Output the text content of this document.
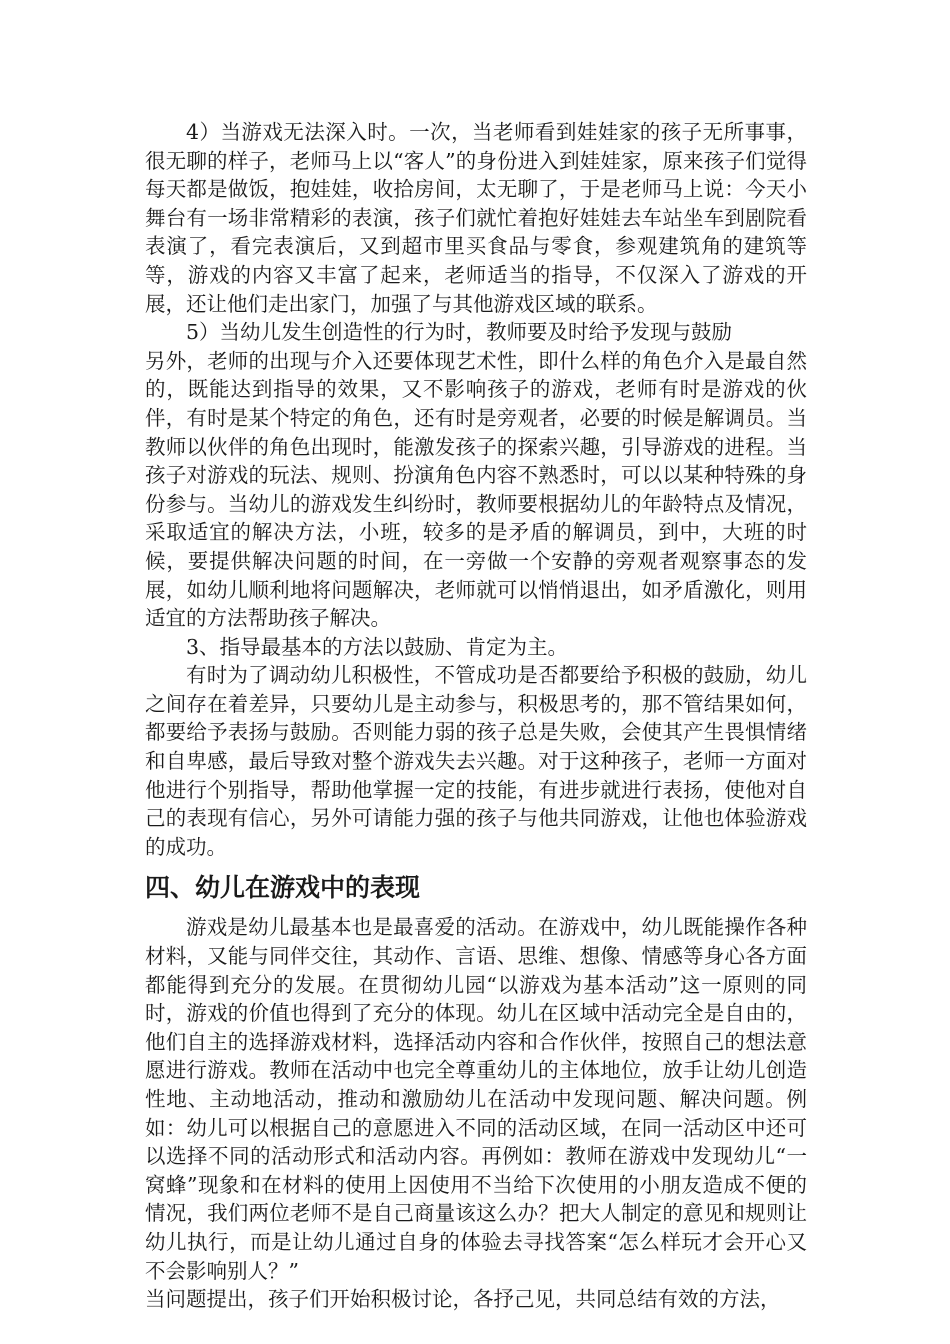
4）当游戏无法深入时。一次，当老师看到娃娃家的孩子无所事事，很无聊的样子，老师马上以“客人”的身份进入到娃娃家，原来孩子们觉得每天都是做饭，抱娃娃，收拾房间，太无聊了，于是老师马上说：今天小舞台有一场非常精彩的表演，孩子们就忙着抱好娃娃去车站坐车到剧院看表演了，看完表演后，又到超市里买食品与零食，参观建筑角的建筑等等，游戏的内容又丰富了起来，老师适当的指导，不仅深入了游戏的开展，还让他们走出家门，加强了与其他游戏区域的联系。

5）当幼儿发生创造性的行为时，教师要及时给予发现与鼓励

另外，老师的出现与介入还要体现艺术性，即什么样的角色介入是最自然的，既能达到指导的效果，又不影响孩子的游戏，老师有时是游戏的伙伴，有时是某个特定的角色，还有时是旁观者，必要的时候是解调员。当教师以伙伴的角色出现时，能激发孩子的探索兴趣，引导游戏的进程。当孩子对游戏的玩法、规则、扮演角色内容不熟悉时，可以以某种特殊的身份参与。当幼儿的游戏发生纠纷时，教师要根据幼儿的年龄特点及情况，采取适宜的解决方法，小班，较多的是矛盾的解调员，到中，大班的时候，要提供解决问题的时间，在一旁做一个安静的旁观者观察事态的发展，如幼儿顺利地将问题解决，老师就可以悄悄退出，如矛盾激化，则用适宜的方法帮助孩子解决。

3、指导最基本的方法以鼓励、肯定为主。

有时为了调动幼儿积极性，不管成功是否都要给予积极的鼓励，幼儿之间存在着差异，只要幼儿是主动参与，积极思考的，那不管结果如何，都要给予表扬与鼓励。否则能力弱的孩子总是失败，会使其产生畏惧情绪和自卑感，最后导致对整个游戏失去兴趣。对于这种孩子，老师一方面对他进行个别指导，帮助他掌握一定的技能，有进步就进行表扬，使他对自己的表现有信心，另外可请能力强的孩子与他共同游戏，让他也体验游戏的成功。

四、幼儿在游戏中的表现

游戏是幼儿最基本也是最喜爱的活动。在游戏中，幼儿既能操作各种材料，又能与同伴交往，其动作、言语、思维、想像、情感等身心各方面都能得到充分的发展。在贯彻幼儿园“以游戏为基本活动”这一原则的同时，游戏的价值也得到了充分的体现。幼儿在区域中活动完全是自由的，他们自主的选择游戏材料，选择活动内容和合作伙伴，按照自己的想法意愿进行游戏。教师在活动中也完全尊重幼儿的主体地位，放手让幼儿创造性地、主动地活动，推动和激励幼儿在活动中发现问题、解决问题。例如：幼儿可以根据自己的意愿进入不同的活动区域，在同一活动区中还可以选择不同的活动形式和活动内容。再例如：教师在游戏中发现幼儿“一窝蜂”现象和在材料的使用上因使用不当给下次使用的小朋友造成不便的情况，我们两位老师不是自己商量该这么办？把大人制定的意见和规则让幼儿执行，而是让幼儿通过自身的体验去寻找答案“怎么样玩才会开心又不会影响别人？”

当问题提出，孩子们开始积极讨论，各抒己见，共同总结有效的方法，
